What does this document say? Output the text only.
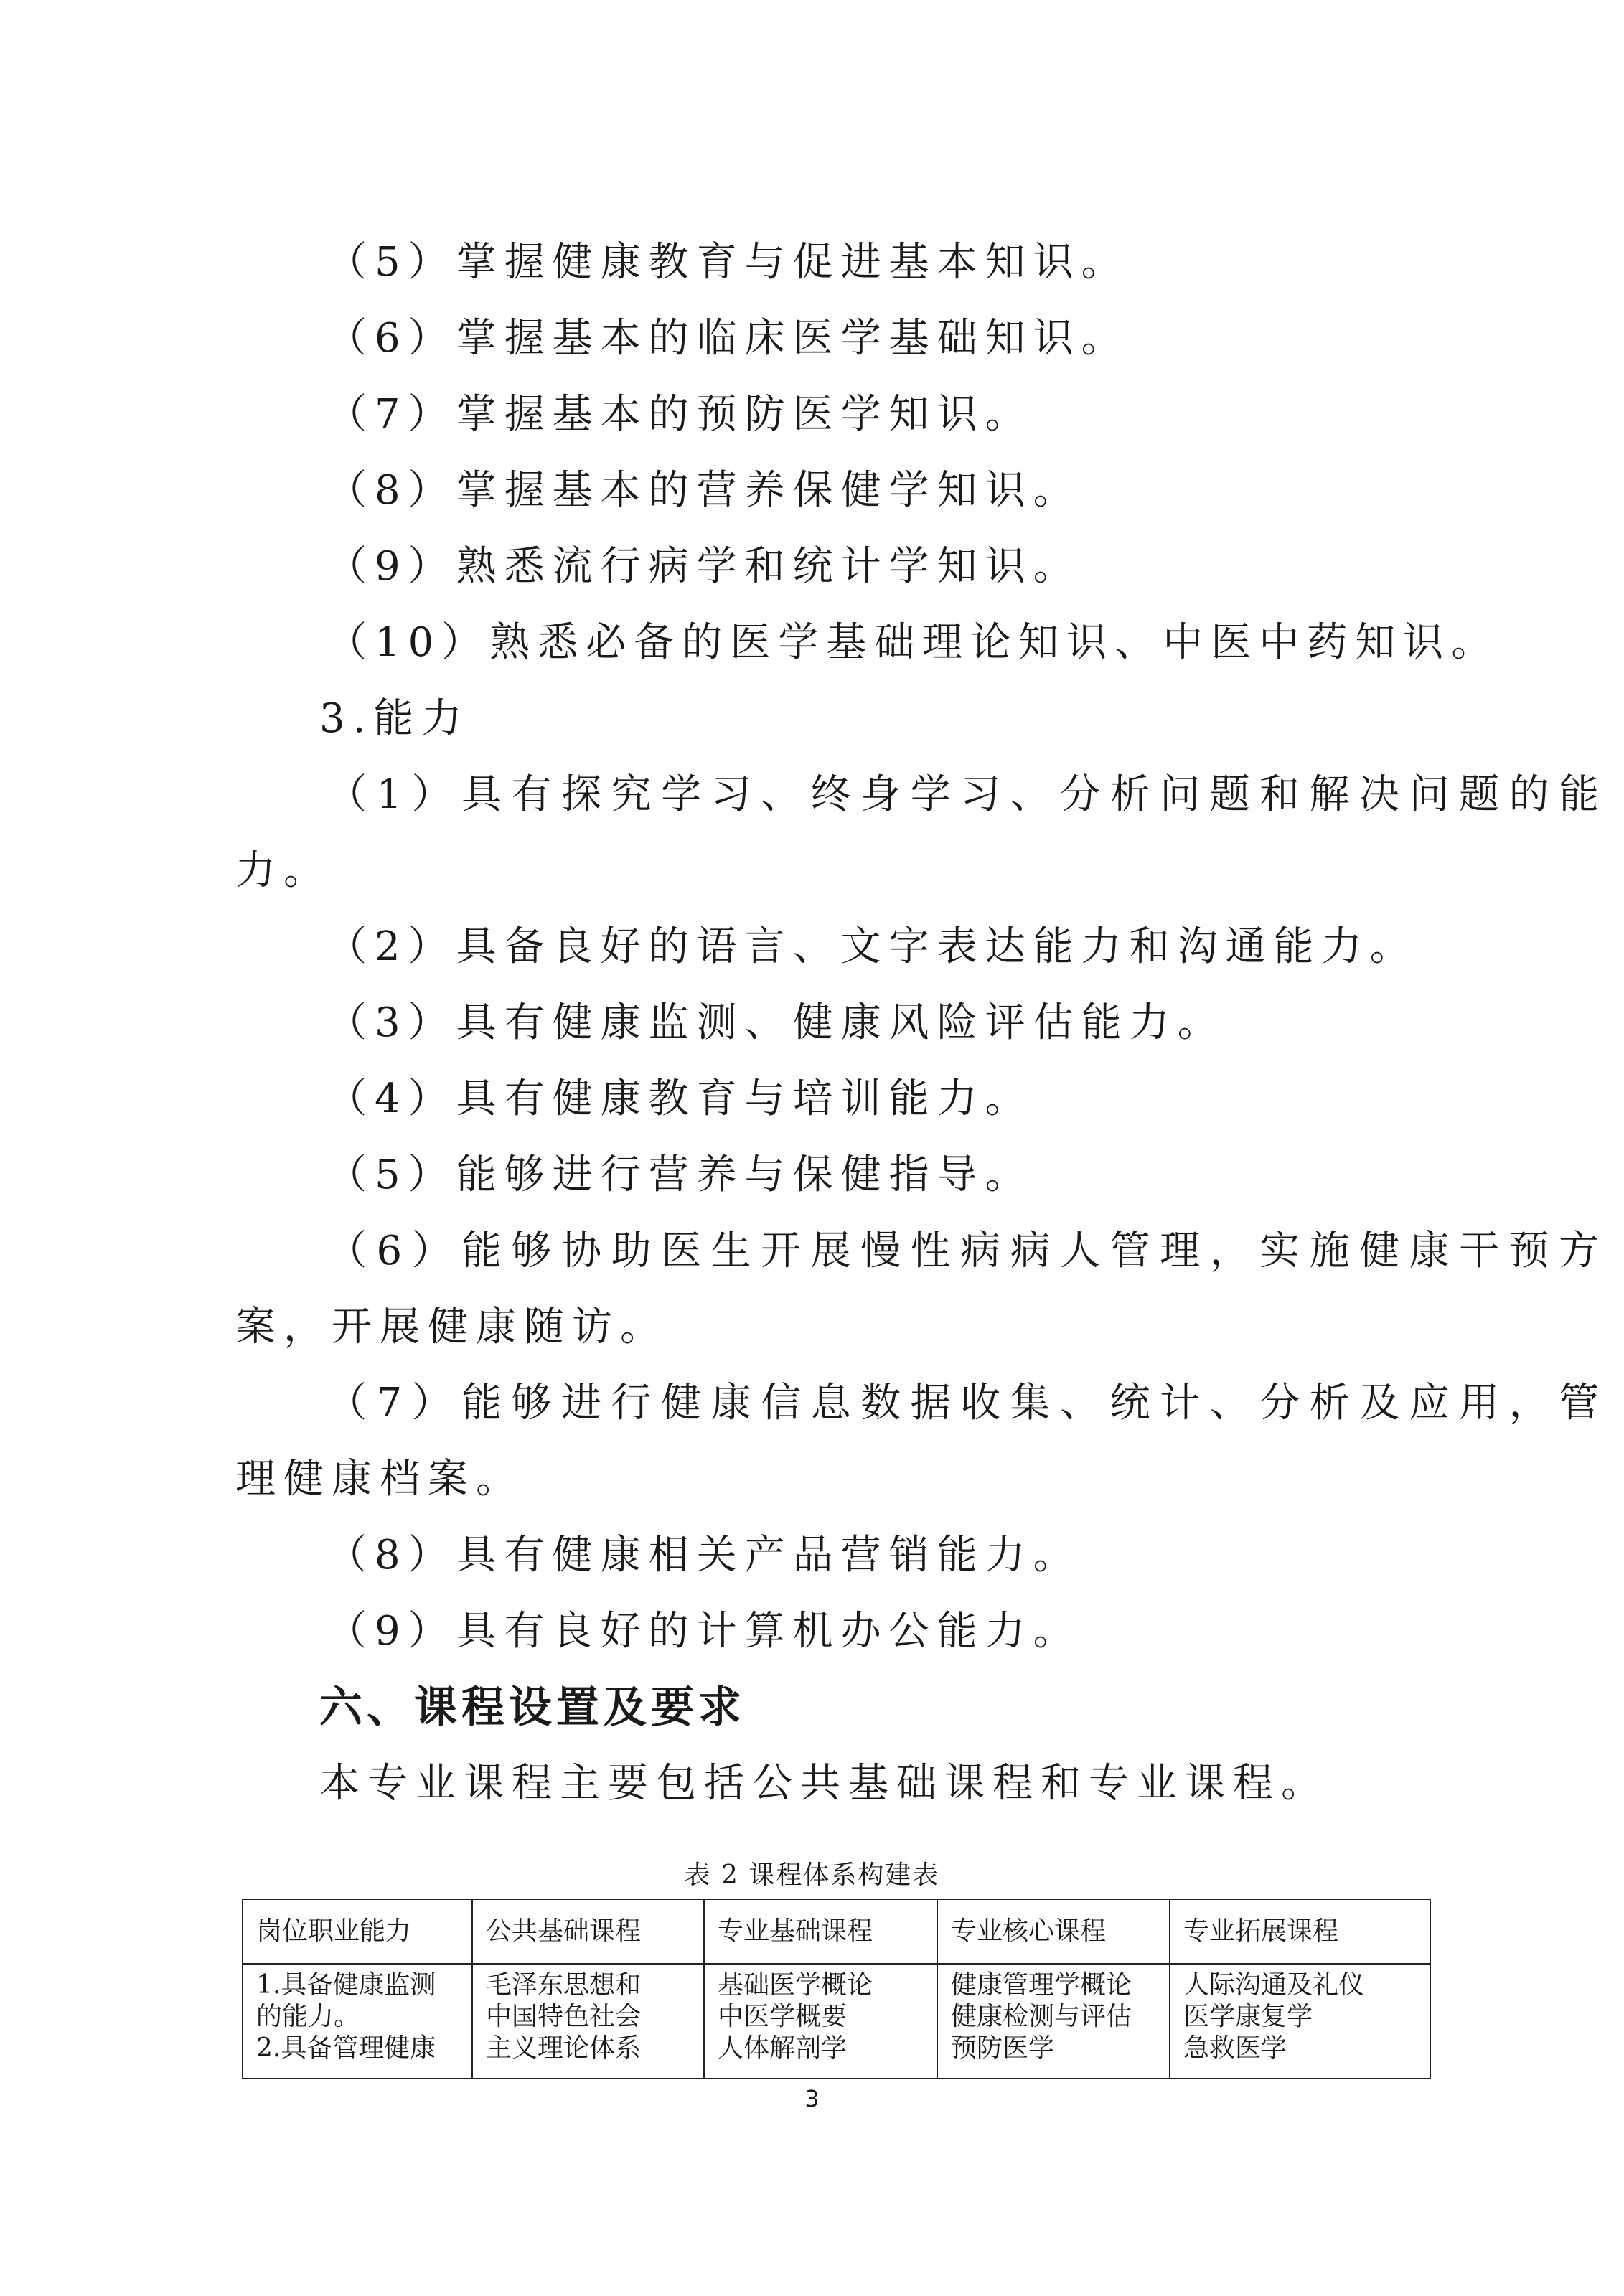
（5）掌握健康教育与促进基本知识。
（6）掌握基本的临床医学基础知识。
（7）掌握基本的预防医学知识。
（8）掌握基本的营养保健学知识。
（9）熟悉流行病学和统计学知识。
（10）熟悉必备的医学基础理论知识、中医中药知识。
3.能力
（1）具有探究学习、终身学习、分析问题和解决问题的能
力。
（2）具备良好的语言、文字表达能力和沟通能力。
（3）具有健康监测、健康风险评估能力。
（4）具有健康教育与培训能力。
（5）能够进行营养与保健指导。
（6）能够协助医生开展慢性病病人管理，实施健康干预方
案，开展健康随访。
（7）能够进行健康信息数据收集、统计、分析及应用，管
理健康档案。
（8）具有健康相关产品营销能力。
（9）具有良好的计算机办公能力。
六、课程设置及要求
本专业课程主要包括公共基础课程和专业课程。
表 2 课程体系构建表
岗位职业能力	公共基础课程	专业基础课程	专业核心课程	专业拓展课程

1.具备健康监测
的能力。
2.具备管理健康	毛泽东思想和
中国特色社会
主义理论体系	基础医学概论
中医学概要
人体解剖学	健康管理学概论
健康检测与评估
预防医学	人际沟通及礼仪
医学康复学
急救医学
3
